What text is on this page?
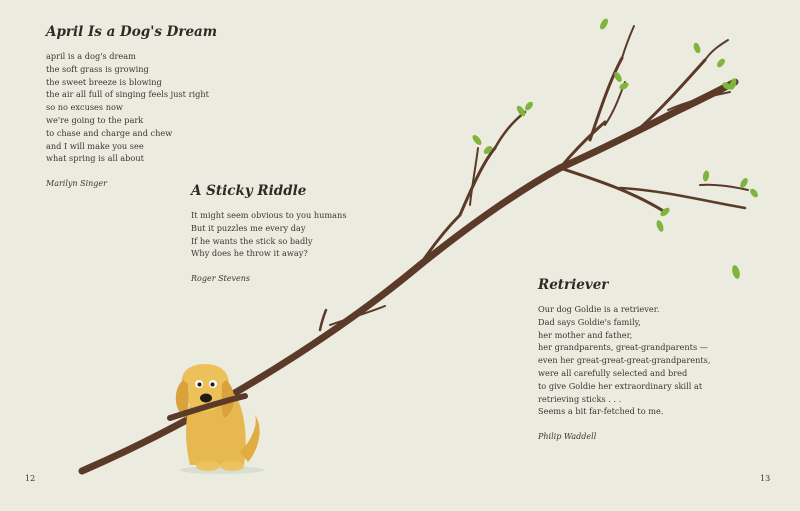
April Is a Dog's Dream
april is a dog's dream
the soft grass is growing
the sweet breeze is blowing
the air all full of singing feels just right
so no excuses now
we're going to the park
to chase and charge and chew
and I will make you see
what spring is all about
Marilyn Singer	A Sticky Riddle
It might seem obvious to you humans
But it puzzles me every day
If he wants the stick so badly
Why does he throw it away?
Roger Stevens	Retriever
Our dog Goldie is a retriever.
Dad says Goldie's family,
her mother and father,
her grandparents, great-grandparents —
even her great-great-great-grandparents,
were all carefully selected and bred
to give Goldie her extraordinary skill at
retrieving sticks . . .
Seems a bit far-fetched to me.
Philip Waddell
12	13
